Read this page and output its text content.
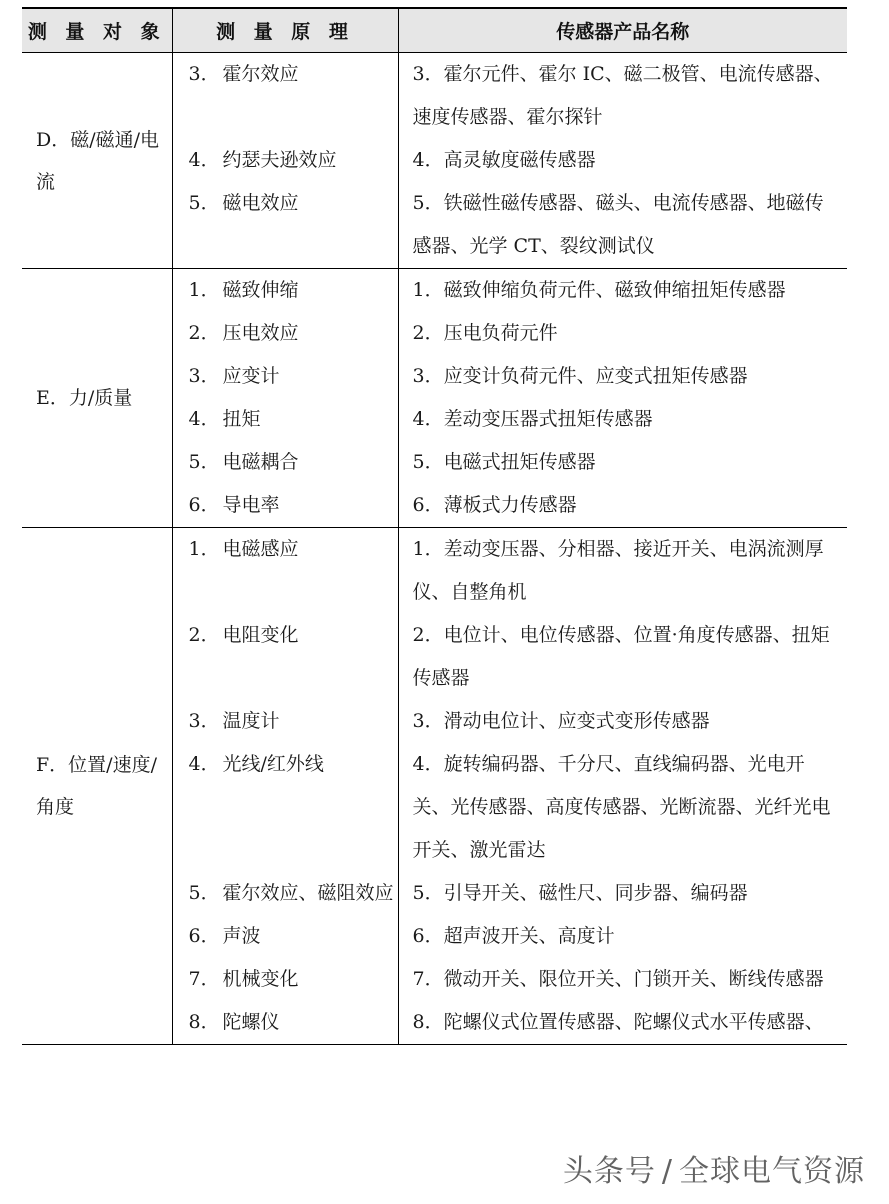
测 量 对 象	测 量 原 理	传感器产品名称
D．磁/磁通/电流	3． 霍尔效应	3．霍尔元件、霍尔 IC、磁二极管、电流传感器、速度传感器、霍尔探针
	4． 约瑟夫逊效应	4．高灵敏度磁传感器
	5． 磁电效应	5．铁磁性磁传感器、磁头、电流传感器、地磁传感器、光学 CT、裂纹测试仪
E．力/质量	1． 磁致伸缩	1．磁致伸缩负荷元件、磁致伸缩扭矩传感器
	2． 压电效应	2．压电负荷元件
	3． 应变计	3．应变计负荷元件、应变式扭矩传感器
	4． 扭矩	4．差动变压器式扭矩传感器
	5． 电磁耦合	5．电磁式扭矩传感器
	6． 导电率	6．薄板式力传感器
F．位置/速度/角度	1． 电磁感应	1．差动变压器、分相器、接近开关、电涡流测厚仪、自整角机
	2． 电阻变化	2．电位计、电位传感器、位置·角度传感器、扭矩传感器
	3． 温度计	3．滑动电位计、应变式变形传感器
	4． 光线/红外线	4．旋转编码器、千分尺、直线编码器、光电开关、光传感器、高度传感器、光断流器、光纤光电开关、激光雷达
	5． 霍尔效应、磁阻效应	5．引导开关、磁性尺、同步器、编码器
	6． 声波	6．超声波开关、高度计
	7． 机械变化	7．微动开关、限位开关、门锁开关、断线传感器
	8． 陀螺仪	8．陀螺仪式位置传感器、陀螺仪式水平传感器、
头条号 / 全球电气资源
